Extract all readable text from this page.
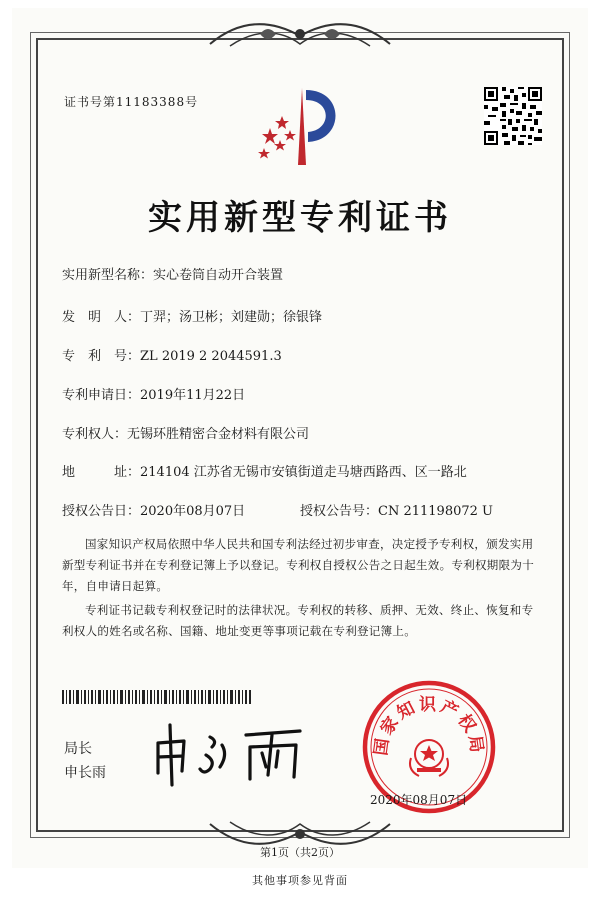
证书号第11183388号
实用新型专利证书
实用新型名称：实心卷筒自动开合装置
发　明　人：丁羿；汤卫彬；刘建勋；徐银锋
专　利　号：ZL 2019 2 2044591.3
专利申请日：2019年11月22日
专利权人：无锡环胜精密合金材料有限公司
地　　　址：214104 江苏省无锡市安镇街道走马塘西路西、区一路北
授权公告日：2020年08月07日	授权公告号：CN 211198072 U
国家知识产权局依照中华人民共和国专利法经过初步审查，决定授予专利权，颁发实用新型专利证书并在专利登记簿上予以登记。专利权自授权公告之日起生效。专利权期限为十年，自申请日起算。
专利证书记载专利权登记时的法律状况。专利权的转移、质押、无效、终止、恢复和专利权人的姓名或名称、国籍、地址变更等事项记载在专利登记簿上。
局长
申长雨
国家知识产权局
2020年08月07日
第1页（共2页）
其他事项参见背面
